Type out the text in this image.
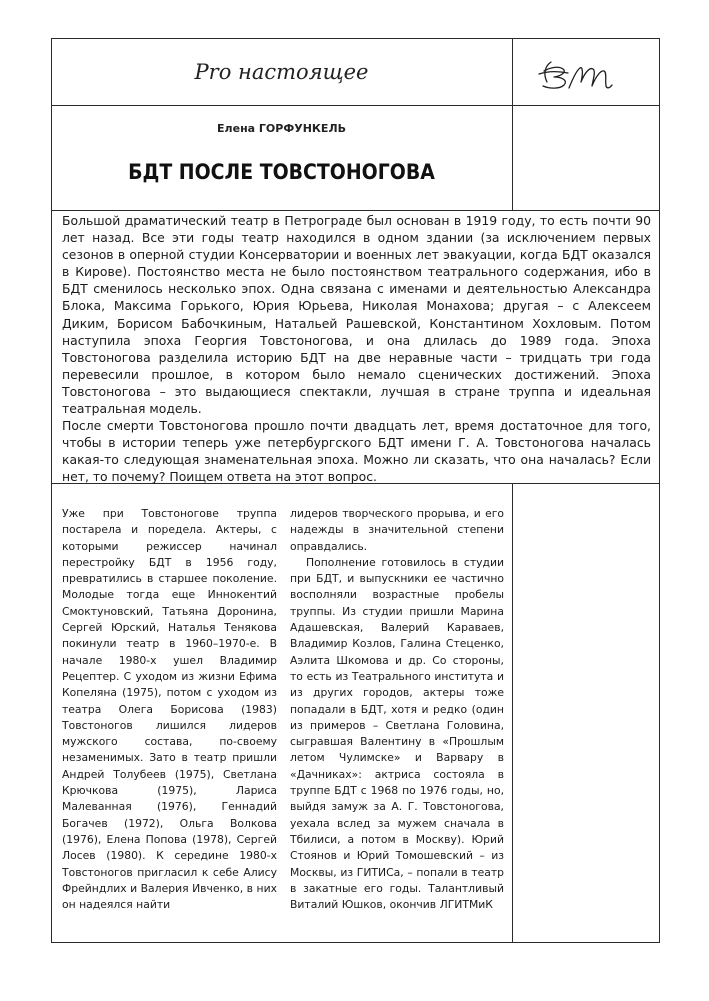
Pro настоящее
Елена ГОРФУНКЕЛЬ
БДТ ПОСЛЕ ТОВСТОНОГОВА

Большой драматический театр в Петрограде был основан в 1919 году, то есть почти 90 лет назад. Все эти годы театр находился в одном здании (за исключением первых сезонов в оперной студии Консерватории и военных лет эвакуации, когда БДТ оказался в Кирове). Постоянство места не было постоянством театрального содержания, ибо в БДТ сменилось несколько эпох. Одна связана с именами и деятельностью Александра Блока, Максима Горького, Юрия Юрьева, Николая Монахова; другая – с Алексеем Диким, Борисом Бабочкиным, Натальей Рашевской, Константином Хохловым. Потом наступила эпоха Георгия Товстоногова, и она длилась до 1989 года. Эпоха Товстоногова разделила историю БДТ на две неравные части – тридцать три года перевесили прошлое, в котором было немало сценических достижений. Эпоха Товстоногова – это выдающиеся спектакли, лучшая в стране труппа и идеальная театральная модель.

После смерти Товстоногова прошло почти двадцать лет, время достаточное для того, чтобы в истории теперь уже петербургского БДТ имени Г. А. Товстоногова началась какая-то следующая знаменательная эпоха. Можно ли сказать, что она началась? Если нет, то почему? Поищем ответа на этот вопрос.

Уже при Товстоногове труппа постарела и поредела. Актеры, с которыми режиссер начинал перестройку БДТ в 1956 году, превратились в старшее поколение. Молодые тогда еще Иннокентий Смоктуновский, Татьяна Доронина, Сергей Юрский, Наталья Тенякова покинули театр в 1960–1970-е. В начале 1980-х ушел Владимир Рецептер. С уходом из жизни Ефима Копеляна (1975), потом с уходом из театра Олега Борисова (1983) Товстоногов лишился лидеров мужского состава, по-своему незаменимых. Зато в театр пришли Андрей Толубеев (1975), Светлана Крючкова (1975), Лариса Малеванная (1976), Геннадий Богачев (1972), Ольга Волкова (1976), Елена Попова (1978), Сергей Лосев (1980). К середине 1980-х Товстоногов пригласил к себе Алису Фрейндлих и Валерия Ивченко, в них он надеялся найти

лидеров творческого прорыва, и его надежды в значительной степени оправдались.

Пополнение готовилось в студии при БДТ, и выпускники ее частично восполняли возрастные пробелы труппы. Из студии пришли Марина Адашевская, Валерий Караваев, Владимир Козлов, Галина Стеценко, Аэлита Шкомова и др. Со стороны, то есть из Театрального института и из других городов, актеры тоже попадали в БДТ, хотя и редко (один из примеров – Светлана Головина, сыгравшая Валентину в «Прошлым летом Чулимске» и Варвару в «Дачниках»: актриса состояла в труппе БДТ с 1968 по 1976 годы, но, выйдя замуж за А. Г. Товстоногова, уехала вслед за мужем сначала в Тбилиси, а потом в Москву). Юрий Стоянов и Юрий Томошевский – из Москвы, из ГИТИСа, – попали в театр в закатные его годы. Талантливый Виталий Юшков, окончив ЛГИТМиК
